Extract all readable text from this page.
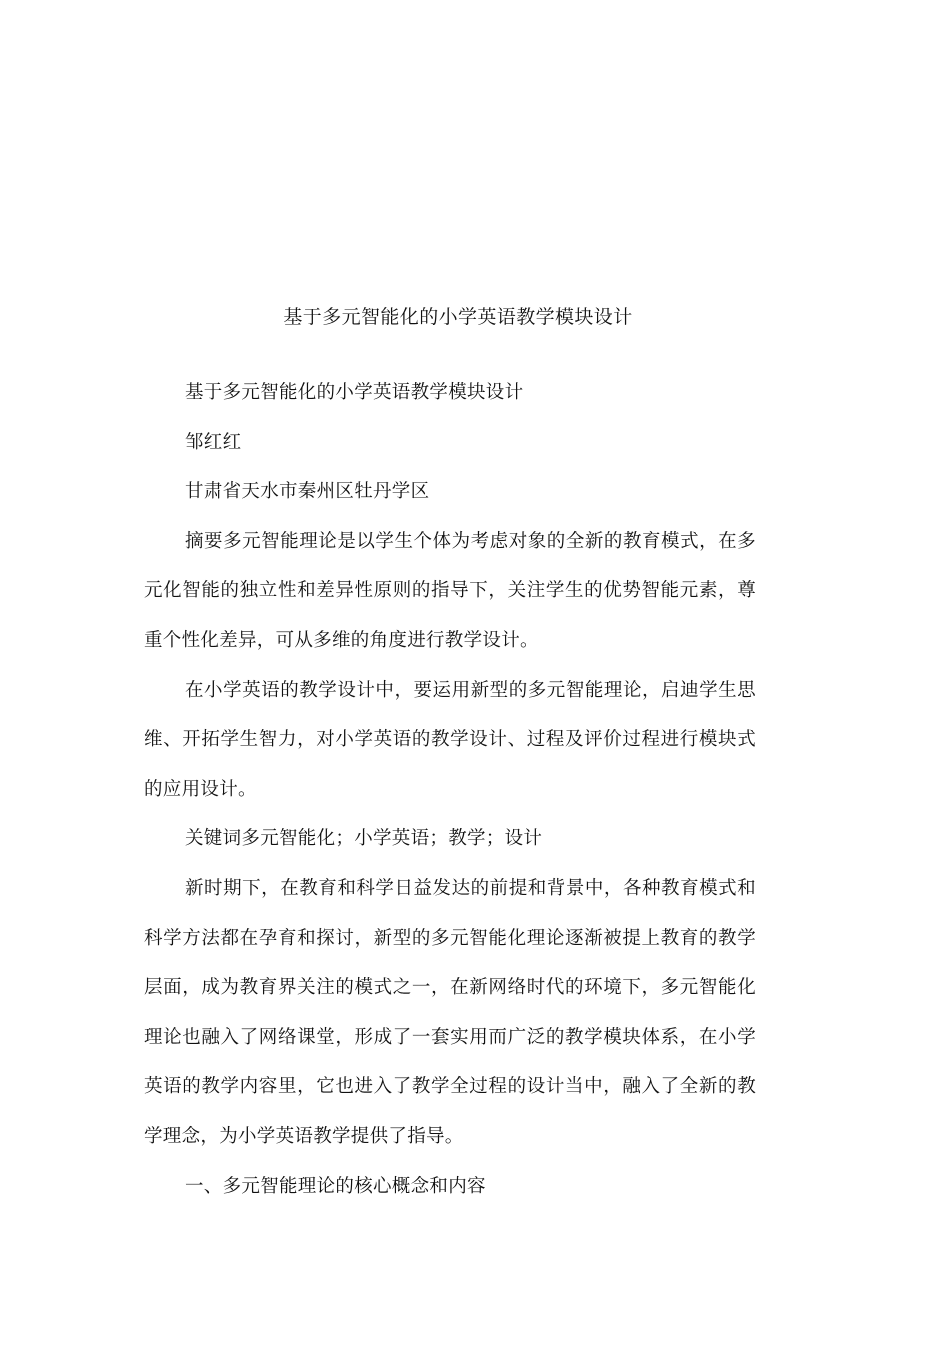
基于多元智能化的小学英语教学模块设计

基于多元智能化的小学英语教学模块设计

邹红红

甘肃省天水市秦州区牡丹学区

摘要多元智能理论是以学生个体为考虑对象的全新的教育模式，在多元化智能的独立性和差异性原则的指导下，关注学生的优势智能元素，尊重个性化差异，可从多维的角度进行教学设计。

在小学英语的教学设计中，要运用新型的多元智能理论，启迪学生思维、开拓学生智力，对小学英语的教学设计、过程及评价过程进行模块式的应用设计。

关键词多元智能化；小学英语；教学；设计

新时期下，在教育和科学日益发达的前提和背景中，各种教育模式和科学方法都在孕育和探讨，新型的多元智能化理论逐渐被提上教育的教学层面，成为教育界关注的模式之一，在新网络时代的环境下，多元智能化理论也融入了网络课堂，形成了一套实用而广泛的教学模块体系，在小学英语的教学内容里，它也进入了教学全过程的设计当中，融入了全新的教学理念，为小学英语教学提供了指导。

一、多元智能理论的核心概念和内容
